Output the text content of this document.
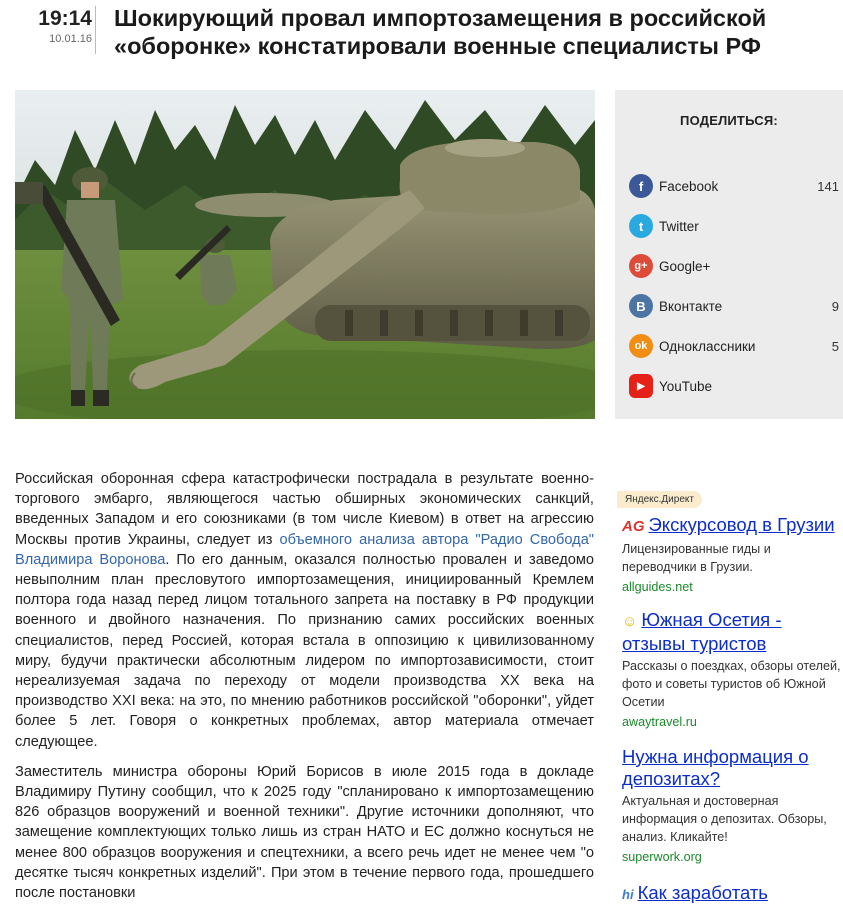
19:14
10.01.16
Шокирующий провал импортозамещения в российской «оборонке» констатировали военные специалисты РФ
ПОДЕЛИТЬСЯ:
f	Facebook	141
t	Twitter
g+ Google+
B Вконтакте	9
ok Одноклассники	5
▶	YouTube

Российская оборонная сфера катастрофически пострадала в результате военно-торгового эмбарго, являющегося частью обширных экономических санкций, введенных Западом и его союзниками (в том числе Киевом) в ответ на агрессию Москвы против Украины, следует из объемного анализа автора "Радио Свобода" Владимира Воронова. По его данным, оказался полностью провален и заведомо невыполним план пресловутого импортозамещения, инициированный Кремлем полтора года назад перед лицом тотального запрета на поставку в РФ продукции военного и двойного назначения. По признанию самих российских военных специалистов, перед Россией, которая встала в оппозицию к цивилизованному миру, будучи практически абсолютным лидером по импортозависимости, стоит нереализуемая задача по переходу от модели производства XX века на производство XXI века: на это, по мнению работников российской "оборонки", уйдет более 5 лет. Говоря о конкретных проблемах, автор материала отмечает следующее.

Заместитель министра обороны Юрий Борисов в июле 2015 года в докладе Владимиру Путину сообщил, что к 2025 году "спланировано к импортозамещению 826 образцов вооружений и военной техники". Другие источники дополняют, что замещение комплектующих только лишь из стран НАТО и ЕС должно коснуться не менее 800 образцов вооружения и спецтехники, а всего речь идет не менее чем "о десятке тысяч конкретных изделий". При этом в течение первого года, прошедшего после постановки

Яндекс.Директ
AG Экскурсовод в Грузии
Лицензированные гиды и переводчики в Грузии.
allguides.net
☺ Южная Осетия - отзывы туристов
Рассказы о поездках, обзоры отелей, фото и советы туристов об Южной Осетии
awaytravel.ru
Нужна информация о депозитах?
Актуальная и достоверная информация о депозитах. Обзоры, анализ. Кликайте!
superwork.org
hi Как заработать
